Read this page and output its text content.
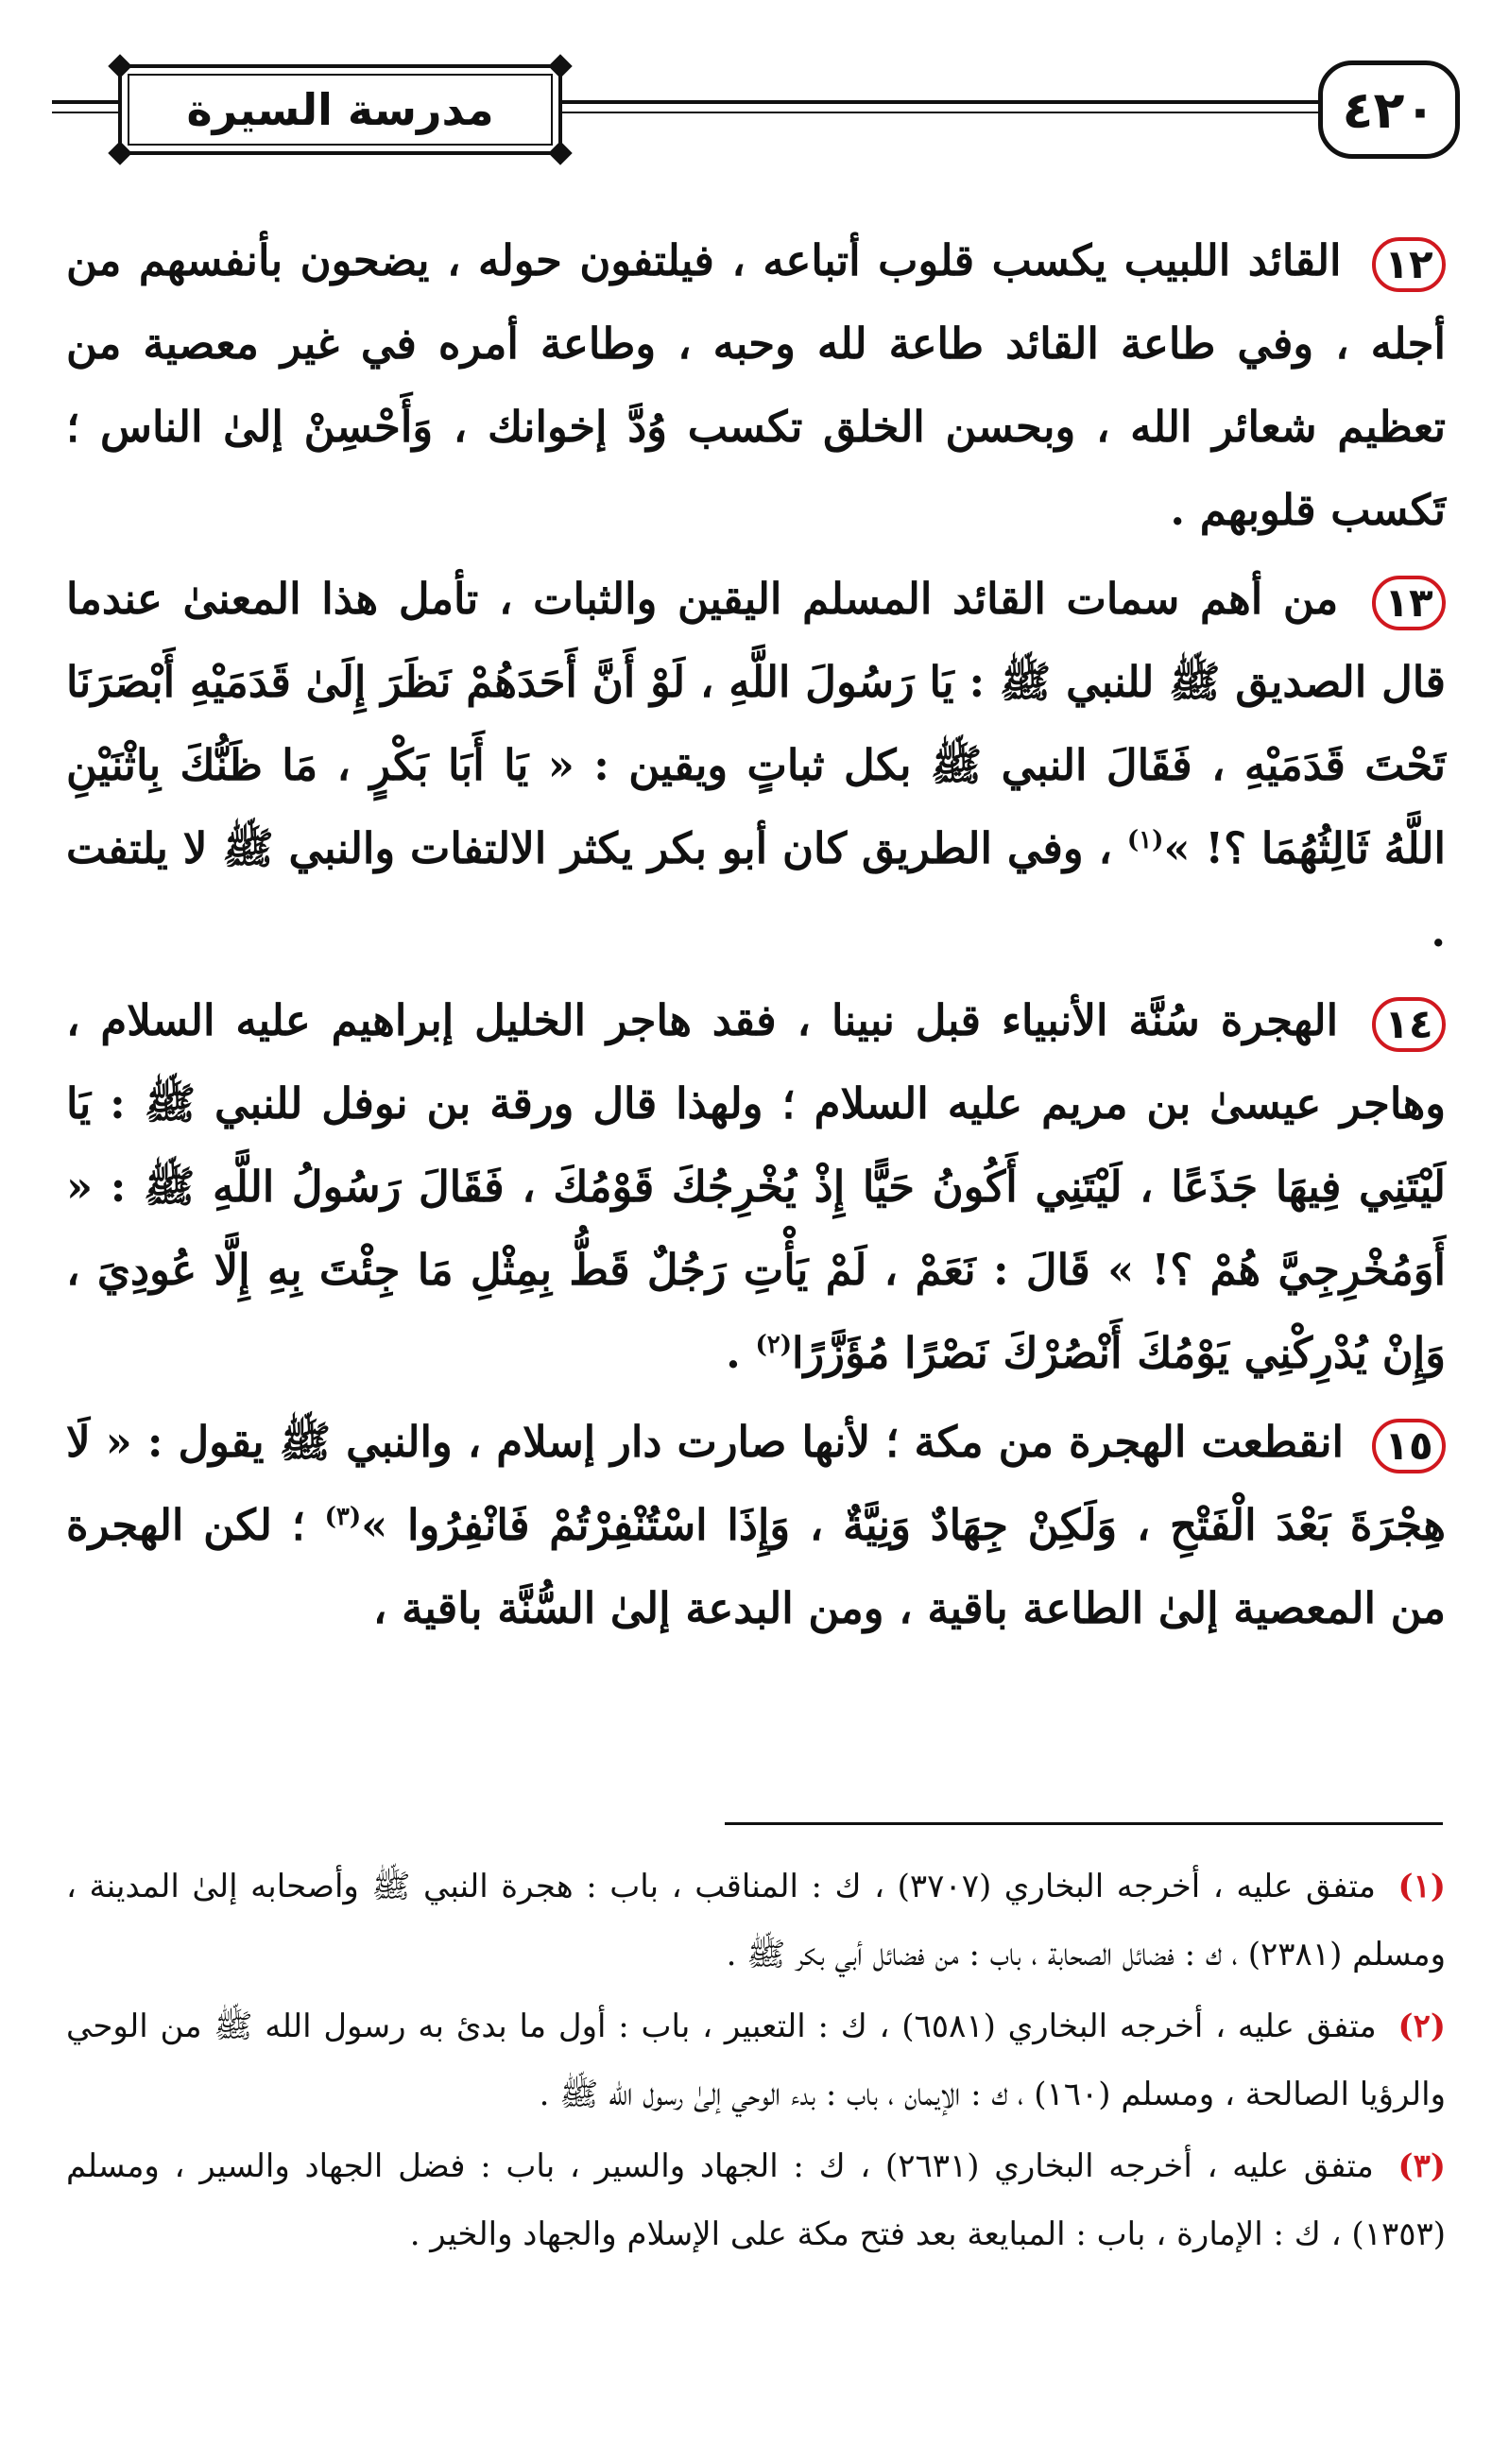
مدرسة السيرة	٤٢٠

١٢ القائد اللبيب يكسب قلوب أتباعه ، فيلتفون حوله ، يضحون بأنفسهم من أجله ، وفي طاعة القائد طاعة لله وحبه ، وطاعة أمره في غير معصية من تعظيم شعائر الله ، وبحسن الخلق تكسب وُدَّ إخوانك ، وَأَحْسِنْ إلىٰ الناس ؛ تَكسب قلوبهم .

١٣ من أهم سمات القائد المسلم اليقين والثبات ، تأمل هذا المعنىٰ عندما قال الصديق ﷺ للنبي ﷺ : يَا رَسُولَ اللَّهِ ، لَوْ أَنَّ أَحَدَهُمْ نَظَرَ إِلَىٰ قَدَمَيْهِ أَبْصَرَنَا تَحْتَ قَدَمَيْهِ ، فَقَالَ النبي ﷺ بكل ثباتٍ ويقين : « يَا أَبَا بَكْرٍ ، مَا ظَنُّكَ بِاثْنَيْنِ اللَّهُ ثَالِثُهُمَا ؟! »$^{(١)}$ ، وفي الطريق كان أبو بكر يكثر الالتفات والنبي ﷺ لا يلتفت .

١٤ الهجرة سُنَّة الأنبياء قبل نبينا ، فقد هاجر الخليل إبراهيم عليه السلام ، وهاجر عيسىٰ بن مريم عليه السلام ؛ ولهذا قال ورقة بن نوفل للنبي ﷺ : يَا لَيْتَنِي فِيهَا جَذَعًا ، لَيْتَنِي أَكُونُ حَيًّا إِذْ يُخْرِجُكَ قَوْمُكَ ، فَقَالَ رَسُولُ اللَّهِ ﷺ : « أَوَمُخْرِجِيَّ هُمْ ؟! » قَالَ : نَعَمْ ، لَمْ يَأْتِ رَجُلٌ قَطُّ بِمِثْلِ مَا جِئْتَ بِهِ إِلَّا عُودِيَ ، وَإِنْ يُدْرِكْنِي يَوْمُكَ أَنْصُرْكَ نَصْرًا مُؤَزَّرًا$^{(٢)}$ .

١٥ انقطعت الهجرة من مكة ؛ لأنها صارت دار إسلام ، والنبي ﷺ يقول : « لَا هِجْرَةَ بَعْدَ الْفَتْحِ ، وَلَكِنْ جِهَادٌ وَنِيَّةٌ ، وَإِذَا اسْتُنْفِرْتُمْ فَانْفِرُوا »$^{(٣)}$ ؛ لكن الهجرة من المعصية إلىٰ الطاعة باقية ، ومن البدعة إلىٰ السُّنَّة باقية ،

(١) متفق عليه ، أخرجه البخاري (٣٧٠٧) ، ك : المناقب ، باب : هجرة النبي ﷺ وأصحابه إلىٰ المدينة ، ومسلم (٢٣٨١) ، ك : فضائل الصحابة ، باب : من فضائل أبي بكر ﷺ .
(٢) متفق عليه ، أخرجه البخاري (٦٥٨١) ، ك : التعبير ، باب : أول ما بدئ به رسول الله ﷺ من الوحي والرؤيا الصالحة ، ومسلم (١٦٠) ، ك : الإيمان ، باب : بدء الوحي إلىٰ رسول الله ﷺ .
(٣) متفق عليه ، أخرجه البخاري (٢٦٣١) ، ك : الجهاد والسير ، باب : فضل الجهاد والسير ، ومسلم (١٣٥٣) ، ك : الإمارة ، باب : المبايعة بعد فتح مكة على الإسلام والجهاد والخير .
